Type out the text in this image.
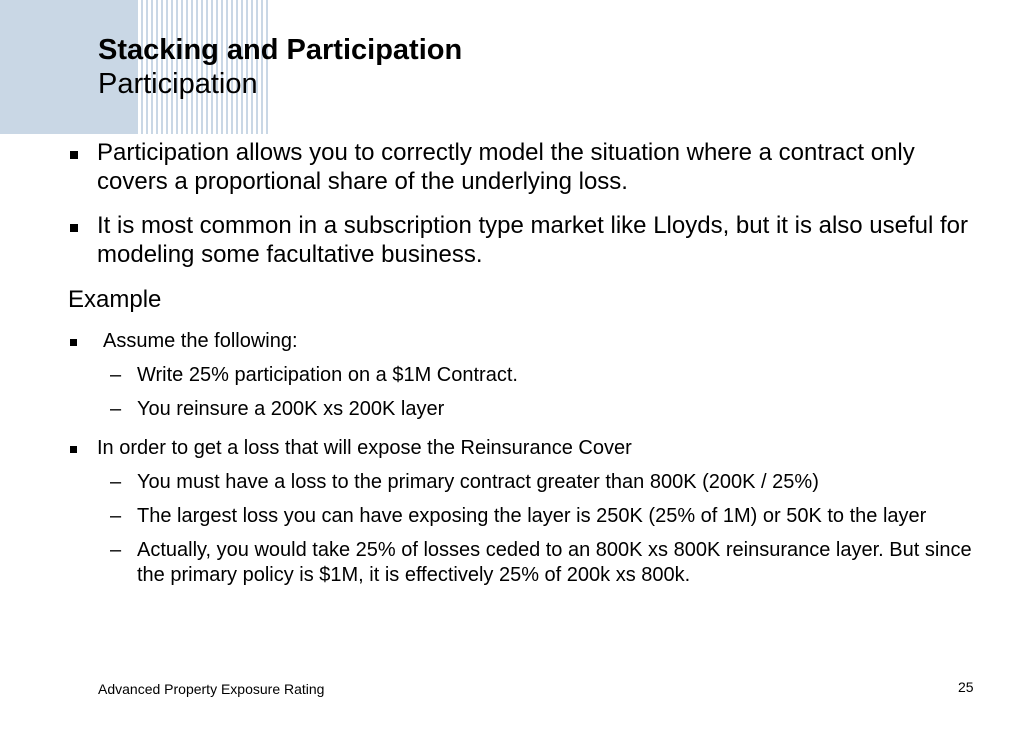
Stacking and Participation
Participation
Participation allows you to correctly model the situation where a contract only covers a proportional share of the underlying loss.
It is most common in a subscription type market like Lloyds, but it is also useful for modeling some facultative business.
Example
Assume the following:
– Write 25% participation on a $1M Contract.
– You reinsure a 200K xs 200K layer
In order to get a loss that will expose the Reinsurance Cover
– You must have a loss to the primary contract greater than 800K (200K / 25%)
– The largest loss you can have exposing the layer is 250K (25% of 1M) or 50K to the layer
– Actually, you would take 25% of losses ceded to an 800K xs 800K reinsurance layer. But since the primary policy is $1M, it is effectively 25% of 200k xs 800k.
Advanced Property Exposure Rating	25
